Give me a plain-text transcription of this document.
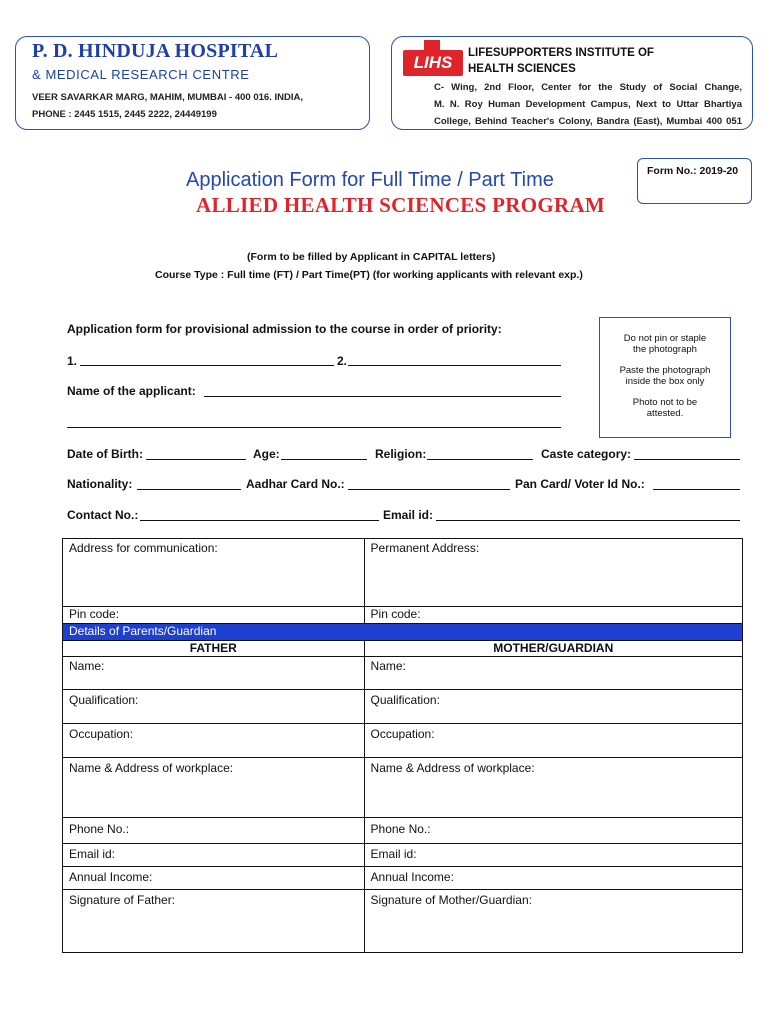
P. D. HINDUJA HOSPITAL
& MEDICAL RESEARCH CENTRE
VEER SAVARKAR MARG, MAHIM, MUMBAI - 400 016. INDIA,
PHONE : 2445 1515, 2445 2222, 24449199
LIHS	LIFESUPPORTERS INSTITUTE OF
HEALTH SCIENCES
C- Wing, 2nd Floor, Center for the Study of Social Change,
M. N. Roy Human Development Campus, Next to Uttar Bhartiya
College, Behind Teacher's Colony, Bandra (East), Mumbai 400 051
Form No.: 2019-20
Application Form for Full Time / Part Time
ALLIED HEALTH SCIENCES PROGRAM
(Form to be filled by Applicant in CAPITAL letters)
Course Type : Full time (FT) / Part Time(PT) (for working applicants with relevant exp.)
Application form for provisional admission to the course in order of priority:
1.	2.
Do not pin or staple
the photograph
Paste the photograph
inside the box only
Photo not to be
attested.
Name of the applicant:
Date of Birth:	Age:	Religion:	Caste category:
Nationality:	Aadhar Card No.:	Pan Card/ Voter Id No.:
Contact No.:	Email id:
Address for communication:	Permanent Address:

Pin code:	Pin code:
Details of Parents/Guardian	
FATHER	MOTHER/GUARDIAN

Name:	Name:

Qualification:	Qualification:

Occupation:	Occupation:

Name & Address of workplace:	Name & Address of workplace:

Phone No.:	Phone No.:

Email id:	Email id:

Annual Income:	Annual Income:

Signature of Father:	Signature of Mother/Guardian:
